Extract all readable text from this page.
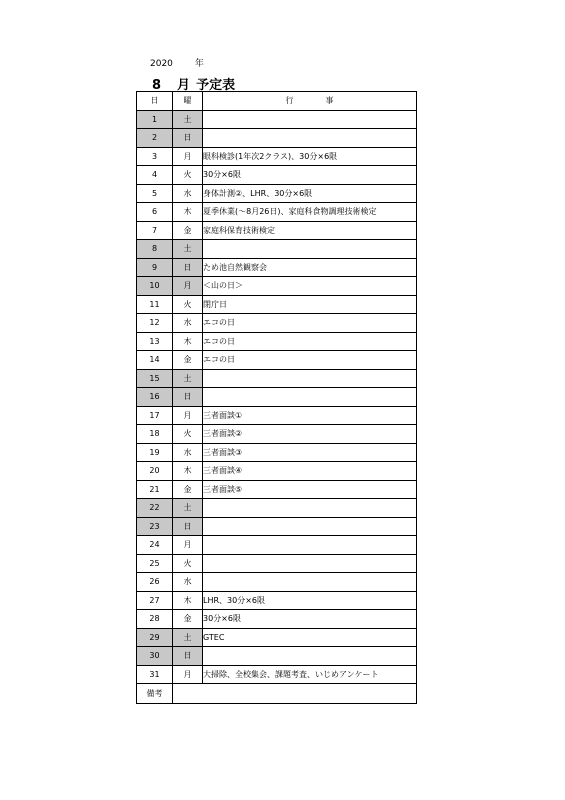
2020 年
8 月 予定表
日	曜	行 事
1	土	
2	日	
3	月	眼科検診(1年次2クラス)、30分×6限
4	火	30分×6限
5	水	身体計測②、LHR、30分×6限
6	木	夏季休業(～8月26日)、家庭科食物調理技術検定
7	金	家庭科保育技術検定
8	土	
9	日	ため池自然観察会
10	月	＜山の日＞
11	火	閉庁日
12	水	エコの日
13	木	エコの日
14	金	エコの日
15	土	
16	日	
17	月	三者面談①
18	火	三者面談②
19	水	三者面談③
20	木	三者面談④
21	金	三者面談⑤
22	土	
23	日	
24	月	
25	火	
26	水	
27	木	LHR、30分×6限
28	金	30分×6限
29	土	GTEC
30	日	
31	月	大掃除、全校集会、課題考査、いじめアンケート
備考		
